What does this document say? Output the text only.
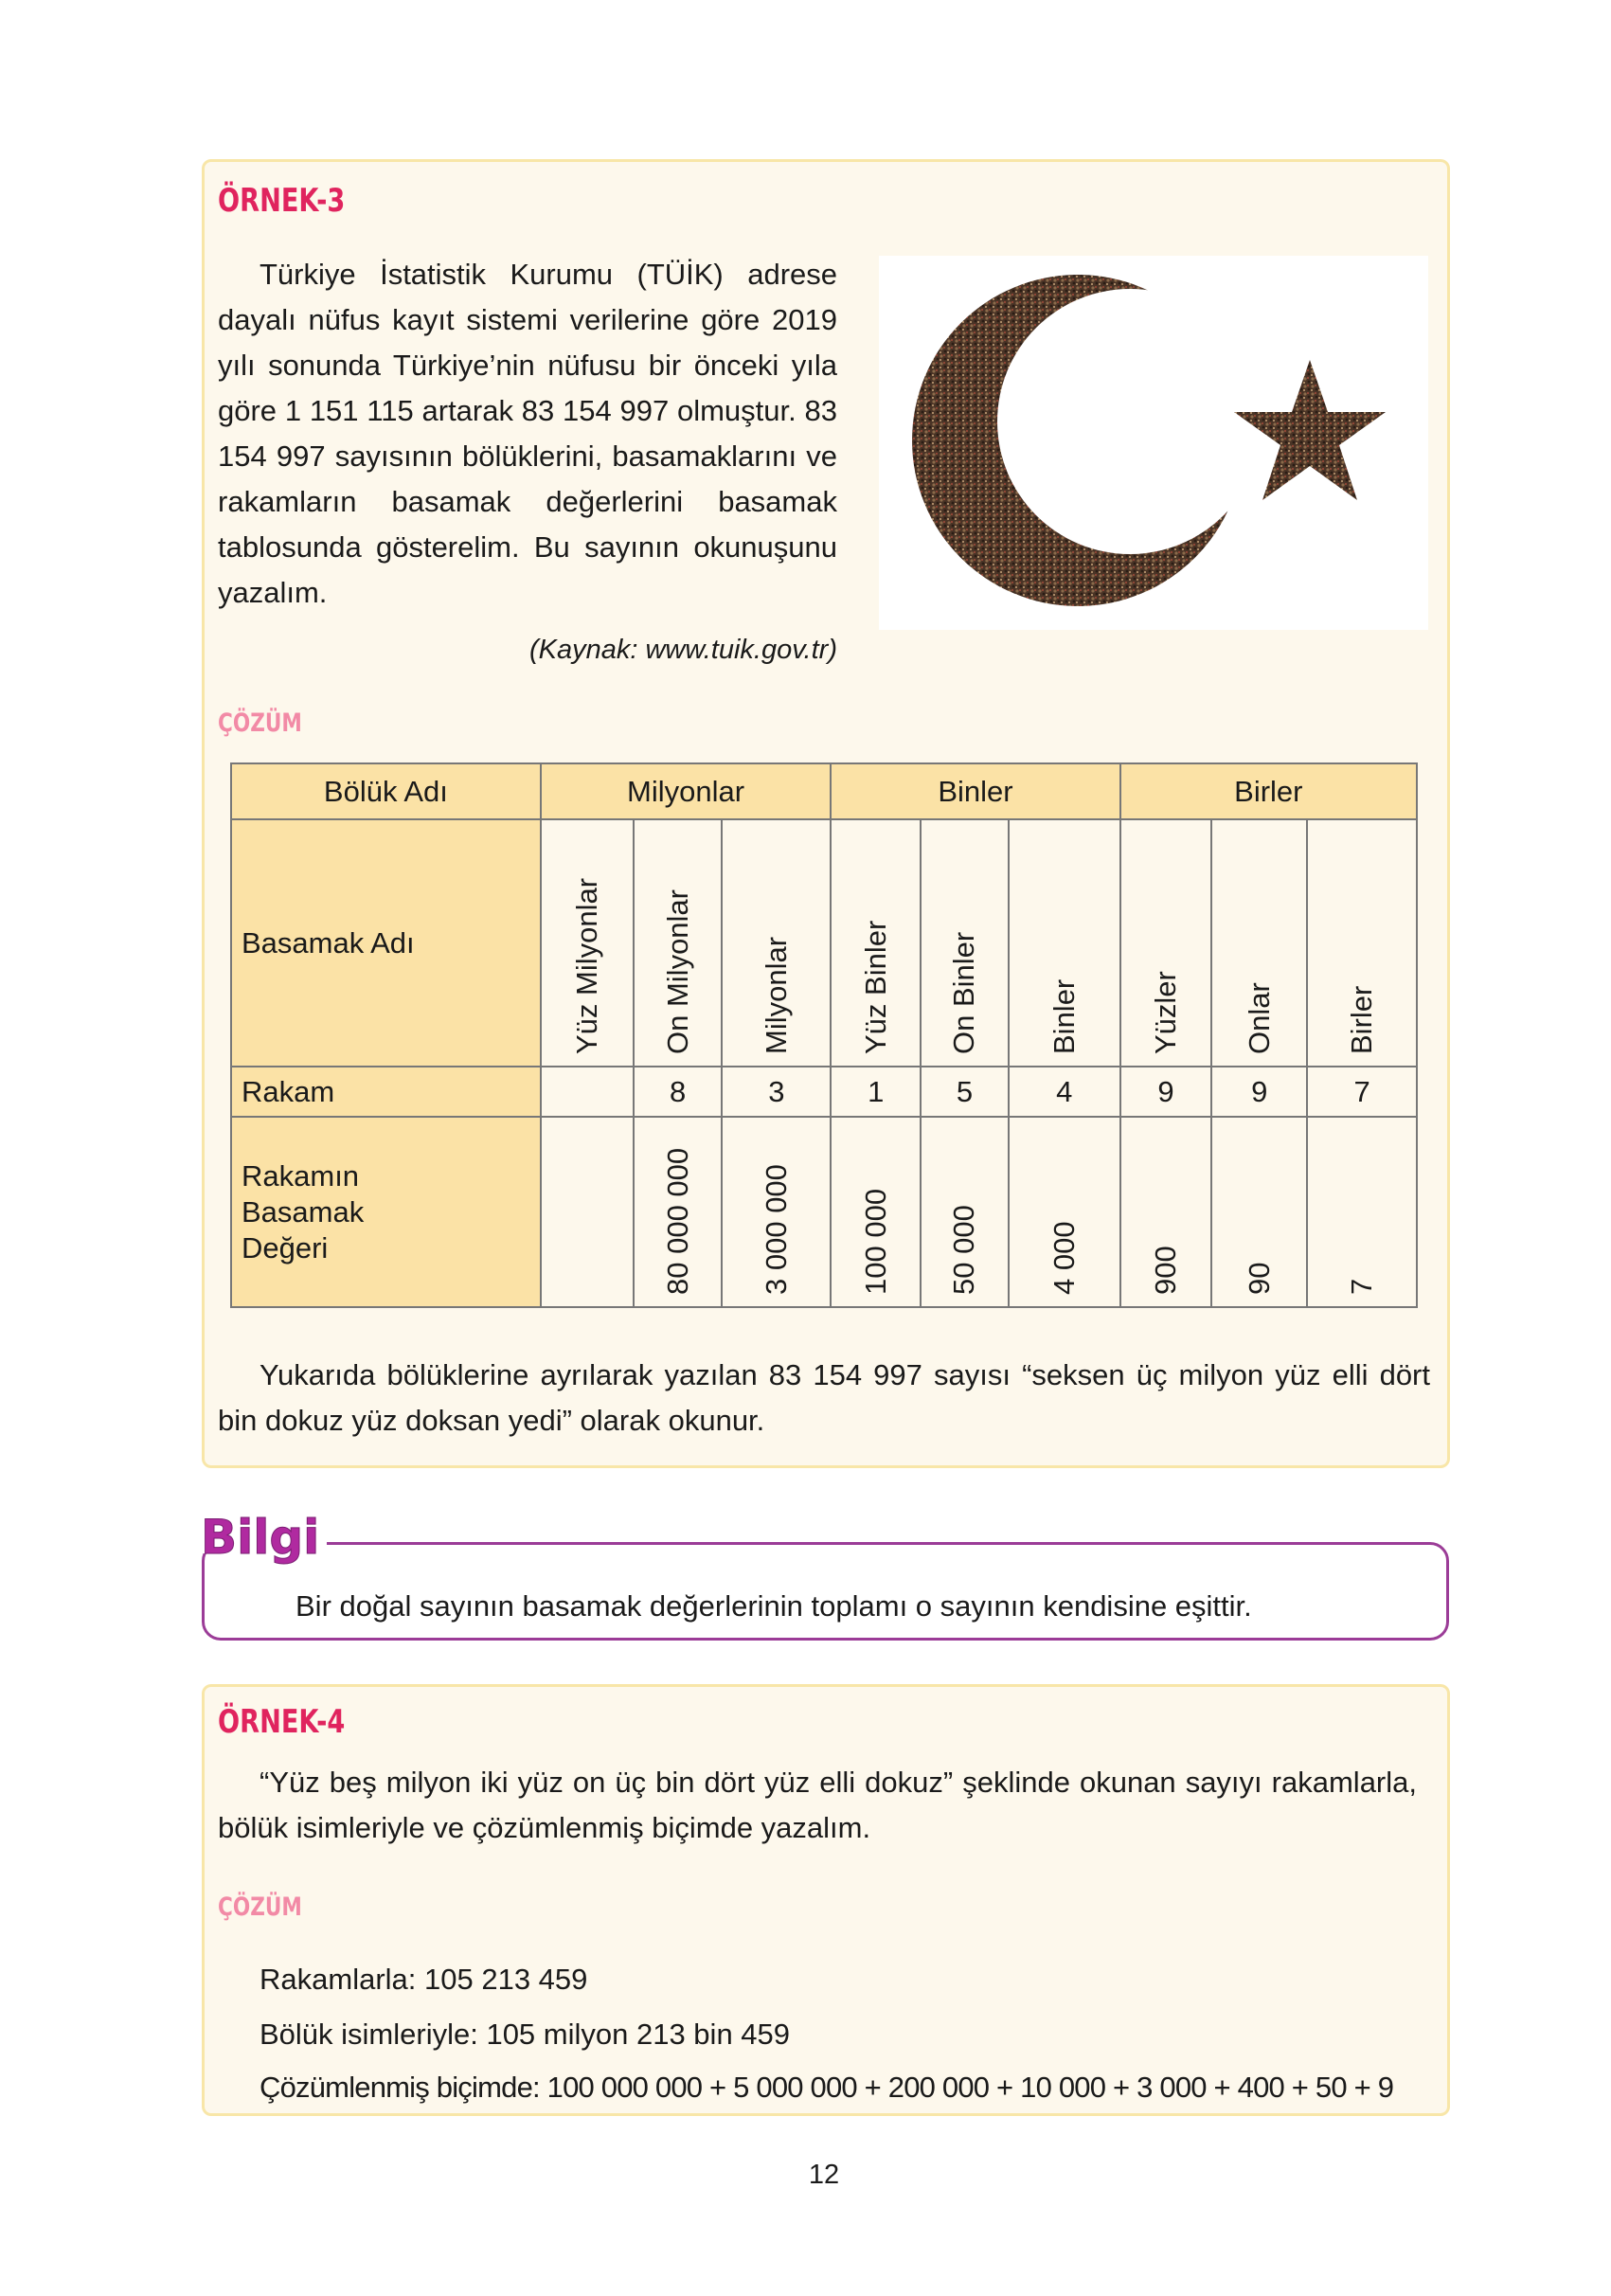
ÖRNEK-3
Türkiye İstatistik Kurumu (TÜİK) adrese dayalı nüfus kayıt sistemi verilerine göre 2019 yılı sonunda Türkiye’nin nüfusu bir önceki yıla göre 1 151 115 artarak 83 154 997 olmuştur. 83 154 997 sayısının bölüklerini, basamaklarını ve rakamların basamak değerlerini basamak tablosunda gösterelim. Bu sayının okunuşunu yazalım.
(Kaynak: www.tuik.gov.tr)
ÇÖZÜM
Bölük Adı	Milyonlar			Binler			Birler		
Basamak Adı	Yüz Milyonlar	On Milyonlar	Milyonlar	Yüz Binler	On Binler	Binler	Yüzler	Onlar	Birler

Rakam		8	3	1	5	4	9	9	7
Rakamın Basamak Değeri		80 000 000	3 000 000	100 000	50 000	4 000	900	90	7
Yukarıda bölüklerine ayrılarak yazılan 83 154 997 sayısı “seksen üç milyon yüz elli dört bin dokuz yüz doksan yedi” olarak okunur.
Bilgi
Bir doğal sayının basamak değerlerinin toplamı o sayının kendisine eşittir.
ÖRNEK-4
“Yüz beş milyon iki yüz on üç bin dört yüz elli dokuz” şeklinde okunan sayıyı rakamlarla, bölük isimleriyle ve çözümlenmiş biçimde yazalım.
ÇÖZÜM
Rakamlarla: 105 213 459
Bölük isimleriyle: 105 milyon 213 bin 459
Çözümlenmiş biçimde: 100 000 000 + 5 000 000 + 200 000 + 10 000 + 3 000 + 400 + 50 + 9
12
